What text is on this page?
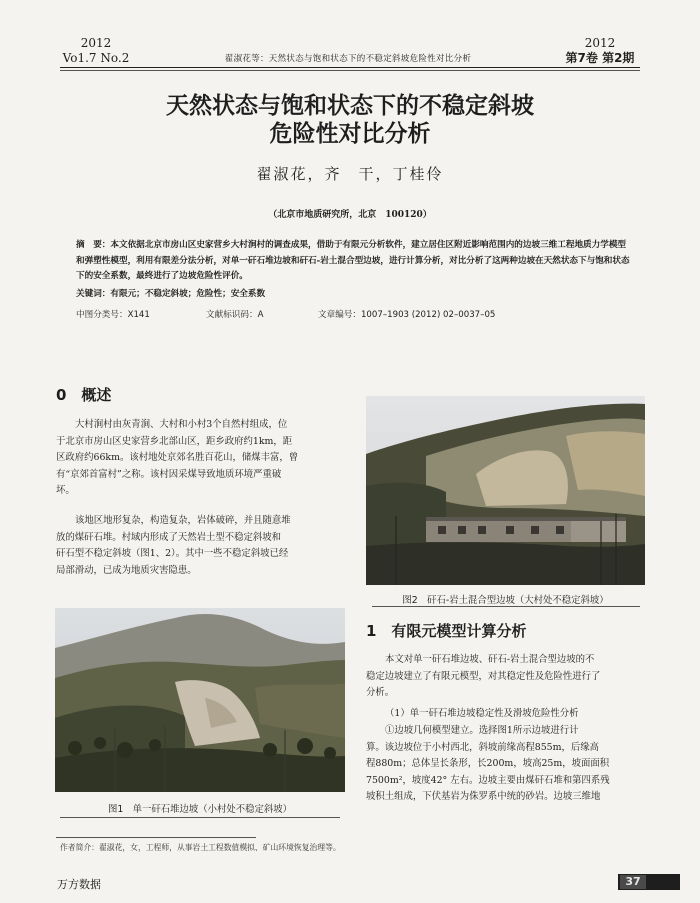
2012
Vo1.7 No.2	翟淑花等：天然状态与饱和状态下的不稳定斜坡危险性对比分析
2012
第7卷 第2期
天然状态与饱和状态下的不稳定斜坡
危险性对比分析
翟淑花，齐　干，丁桂伶
（北京市地质研究所，北京　100120）
摘　要：本文依据北京市房山区史家营乡大村涧村的调查成果，借助于有限元分析软件，建立居住区附近影响范围内的边坡三维工程地质力学模型和弹塑性模型，利用有限差分法分析，对单一矸石堆边坡和矸石-岩土混合型边坡，进行计算分析，对比分析了这两种边坡在天然状态下与饱和状态下的安全系数，最终进行了边坡危险性评价。
关键词：有限元；不稳定斜坡；危险性；安全系数
中图分类号：X141	文献标识码：A	文章编号：1007–1903 (2012) 02–0037–05
0　概述
大村涧村由灰青涧、大村和小村3个自然村组成，位
于北京市房山区史家营乡北部山区，距乡政府约1km，距
区政府约66km。该村地处京郊名胜百花山，储煤丰富，曾
有“京郊首富村”之称。该村因采煤导致地质环境严重破
坏。
该地区地形复杂，构造复杂，岩体破碎，并且随意堆
放的煤矸石堆。村域内形成了天然岩土型不稳定斜坡和
矸石型不稳定斜坡（图1、2）。其中一些不稳定斜坡已经
局部滑动，已成为地质灾害隐患。
图1　单一矸石堆边坡（小村处不稳定斜坡）
图2　矸石-岩土混合型边坡（大村处不稳定斜坡）
1　有限元模型计算分析
本文对单一矸石堆边坡、矸石-岩土混合型边坡的不
稳定边坡建立了有限元模型，对其稳定性及危险性进行了
分析。
（1）单一矸石堆边坡稳定性及滑坡危险性分析
①边坡几何模型建立。选择图1所示边坡进行计
算。该边坡位于小村西北，斜坡前缘高程855m，后缘高
程880m；总体呈长条形，长200m，坡高25m，坡面面积
7500m²，坡度42° 左右。边坡主要由煤矸石堆和第四系残
坡积土组成，下伏基岩为侏罗系中统的砂岩。边坡三维地
作者简介：翟淑花，女，工程师，从事岩土工程数值模拟、矿山环境恢复治理等。
万方数据	37
